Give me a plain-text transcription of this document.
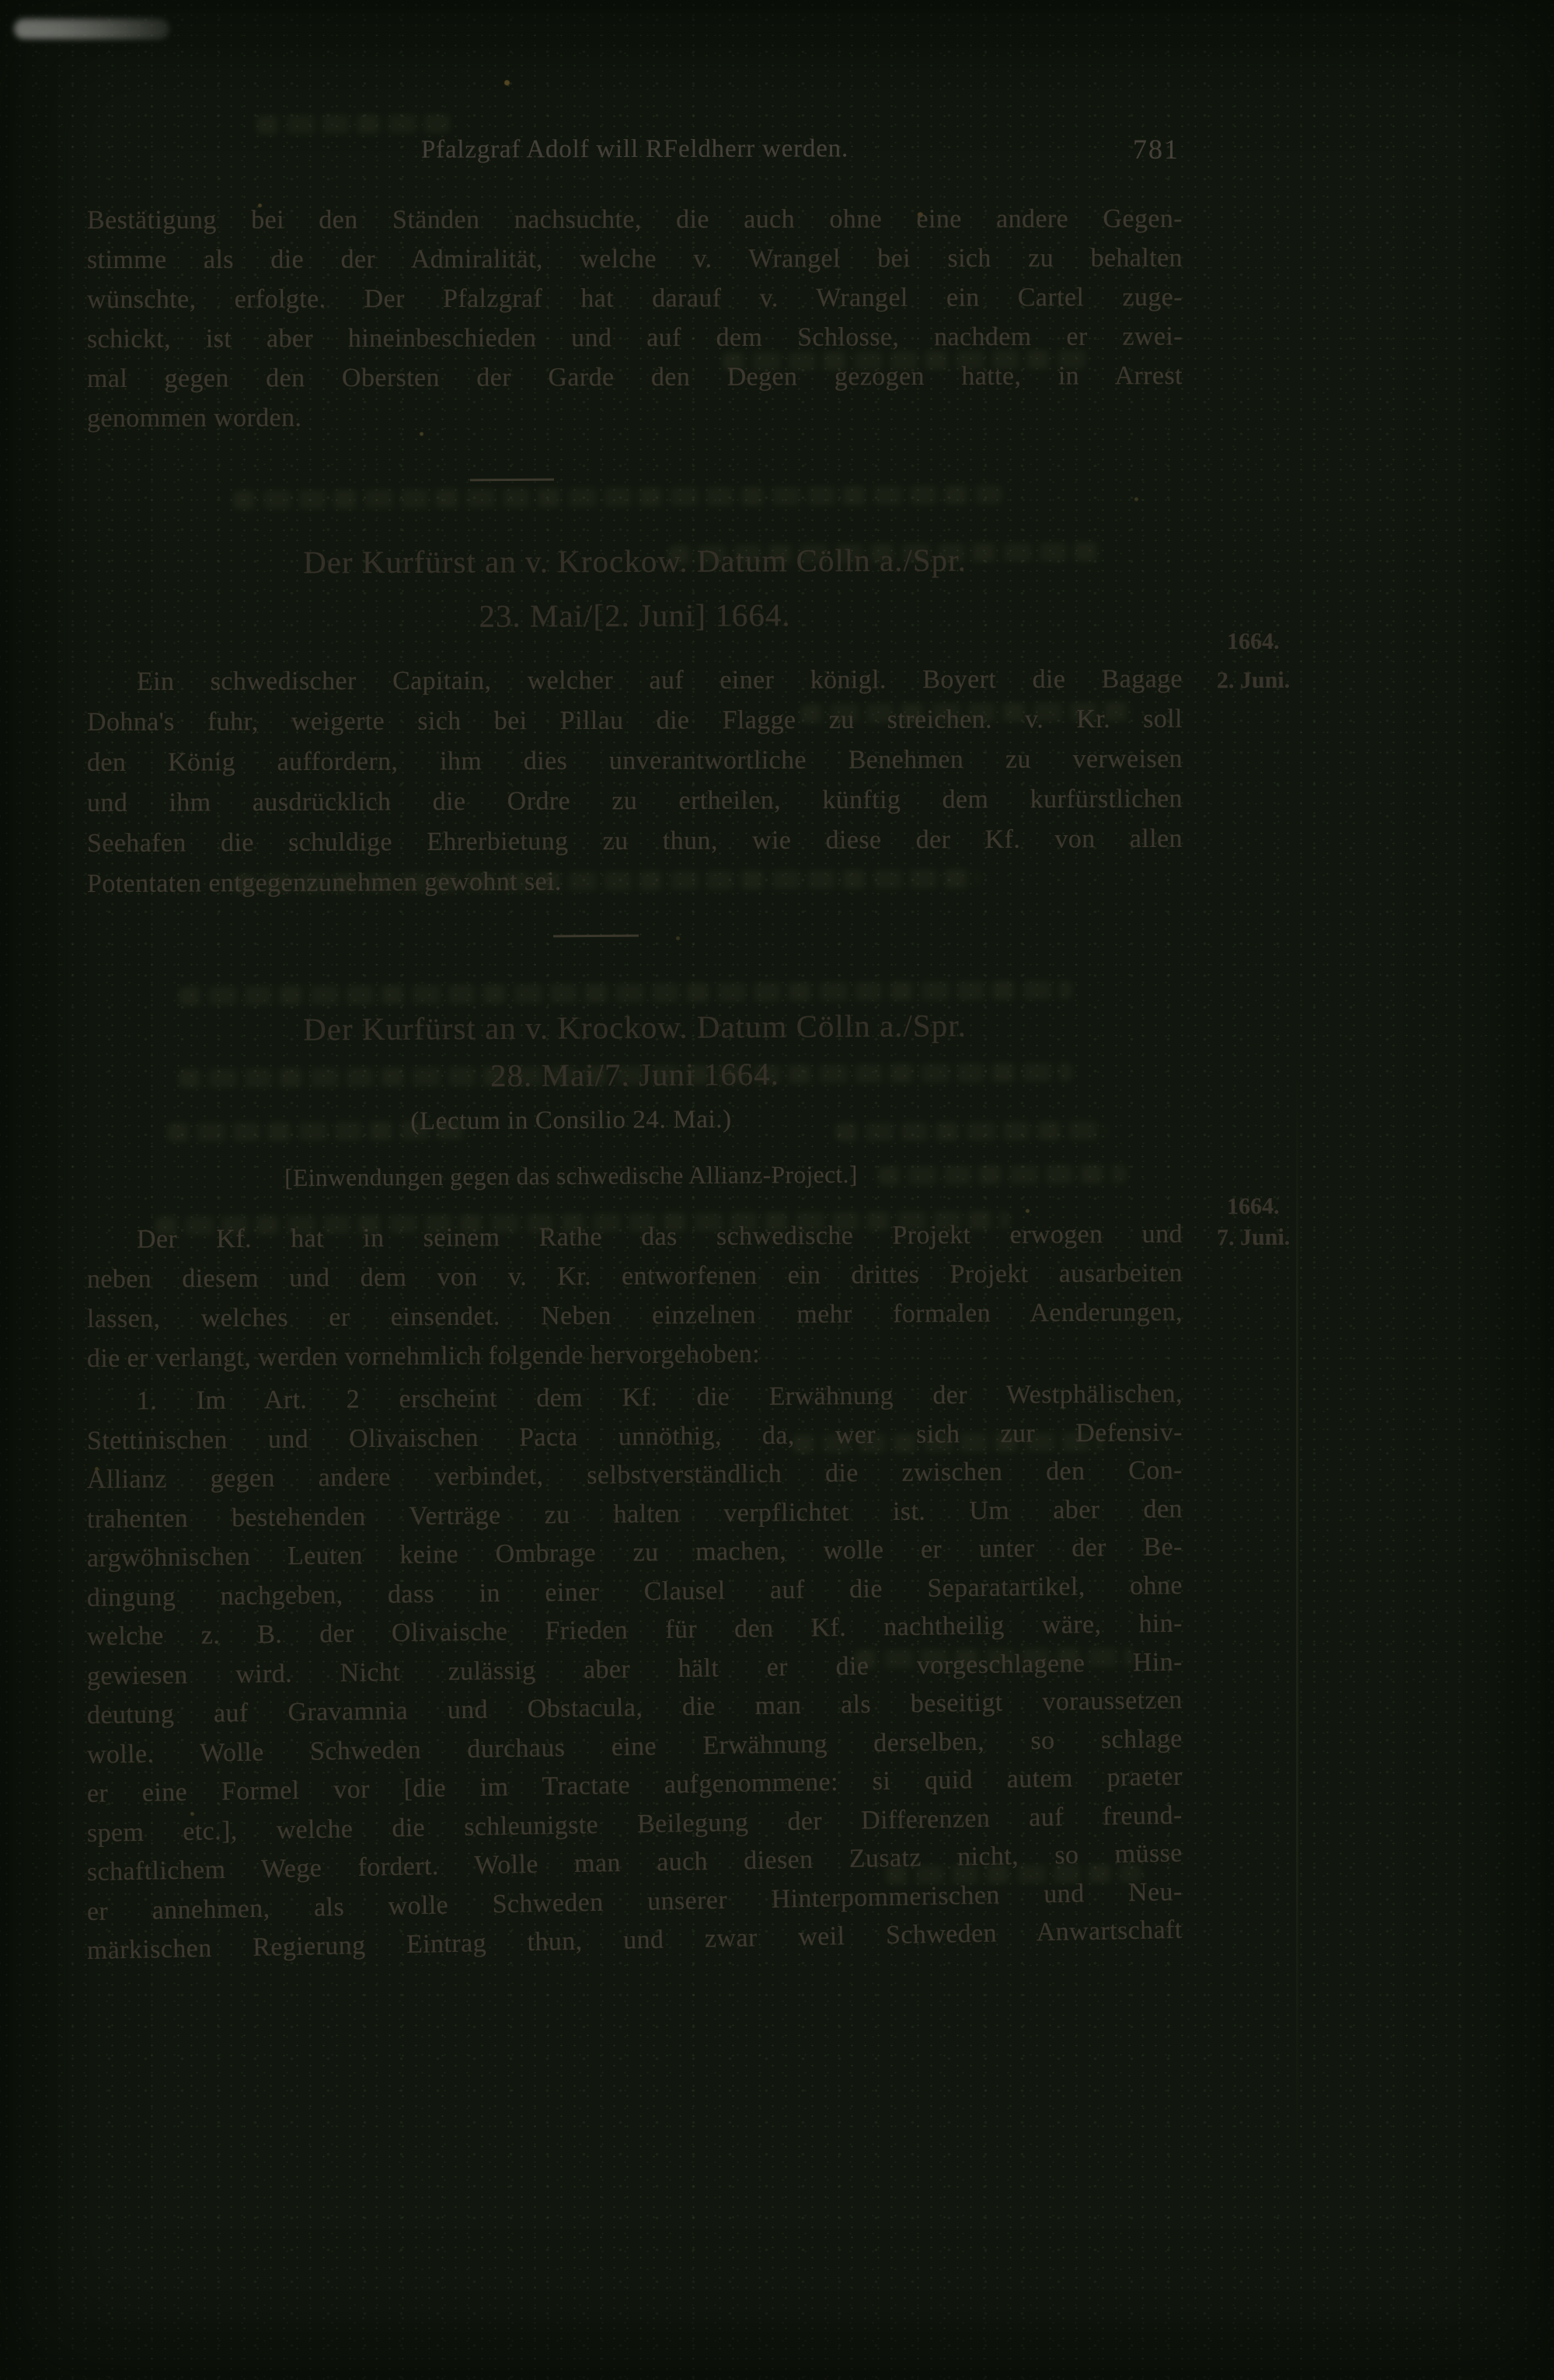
Pfalzgraf Adolf will RFeldherr werden.	781
Bestätigung bei den Ständen nachsuchte, die auch ohne eine andere Gegen-
stimme als die der Admiralität, welche v. Wrangel bei sich zu behalten
wünschte, erfolgte. Der Pfalzgraf hat darauf v. Wrangel ein Cartel zuge-
schickt, ist aber hineinbeschieden und auf dem Schlosse, nachdem er zwei-
mal gegen den Obersten der Garde den Degen gezogen hatte, in Arrest
genommen worden.
Der Kurfürst an v. Krockow. Datum Cölln a./Spr.
23. Mai/[2. Juni] 1664.
1664.
2. Juni.
Ein schwedischer Capitain, welcher auf einer königl. Boyert die Bagage
Dohna's fuhr, weigerte sich bei Pillau die Flagge zu streichen. v. Kr. soll
den König auffordern, ihm dies unverantwortliche Benehmen zu verweisen
und ihm ausdrücklich die Ordre zu ertheilen, künftig dem kurfürstlichen
Seehafen die schuldige Ehrerbietung zu thun, wie diese der Kf. von allen
Potentaten entgegenzunehmen gewohnt sei.
Der Kurfürst an v. Krockow. Datum Cölln a./Spr.
28. Mai/7. Juni 1664.
(Lectum in Consilio 24. Mai.)
[Einwendungen gegen das schwedische Allianz-Project.]
1664.
7. Juni.
Der Kf. hat in seinem Rathe das schwedische Projekt erwogen und
neben diesem und dem von v. Kr. entworfenen ein drittes Projekt ausarbeiten
lassen, welches er einsendet. Neben einzelnen mehr formalen Aenderungen,
die er verlangt, werden vornehmlich folgende hervorgehoben:
1. Im Art. 2 erscheint dem Kf. die Erwähnung der Westphälischen,
Stettinischen und Olivaischen Pacta unnöthig, da, wer sich zur Defensiv-
Allianz gegen andere verbindet, selbstverständlich die zwischen den Con-
trahenten bestehenden Verträge zu halten verpflichtet ist. Um aber den
argwöhnischen Leuten keine Ombrage zu machen, wolle er unter der Be-
dingung nachgeben, dass in einer Clausel auf die Separatartikel, ohne
welche z. B. der Olivaische Frieden für den Kf. nachtheilig wäre, hin-
gewiesen wird. Nicht zulässig aber hält er die vorgeschlagene Hin-
deutung auf Gravamnia und Obstacula, die man als beseitigt voraussetzen
wolle. Wolle Schweden durchaus eine Erwähnung derselben, so schlage
er eine Formel vor [die im Tractate aufgenommene: si quid autem praeter
spem etc.], welche die schleunigste Beilegung der Differenzen auf freund-
schaftlichem Wege fordert. Wolle man auch diesen Zusatz nicht, so müsse
er annehmen, als wolle Schweden unserer Hinterpommerischen und Neu-
märkischen Regierung Eintrag thun, und zwar weil Schweden Anwartschaft
